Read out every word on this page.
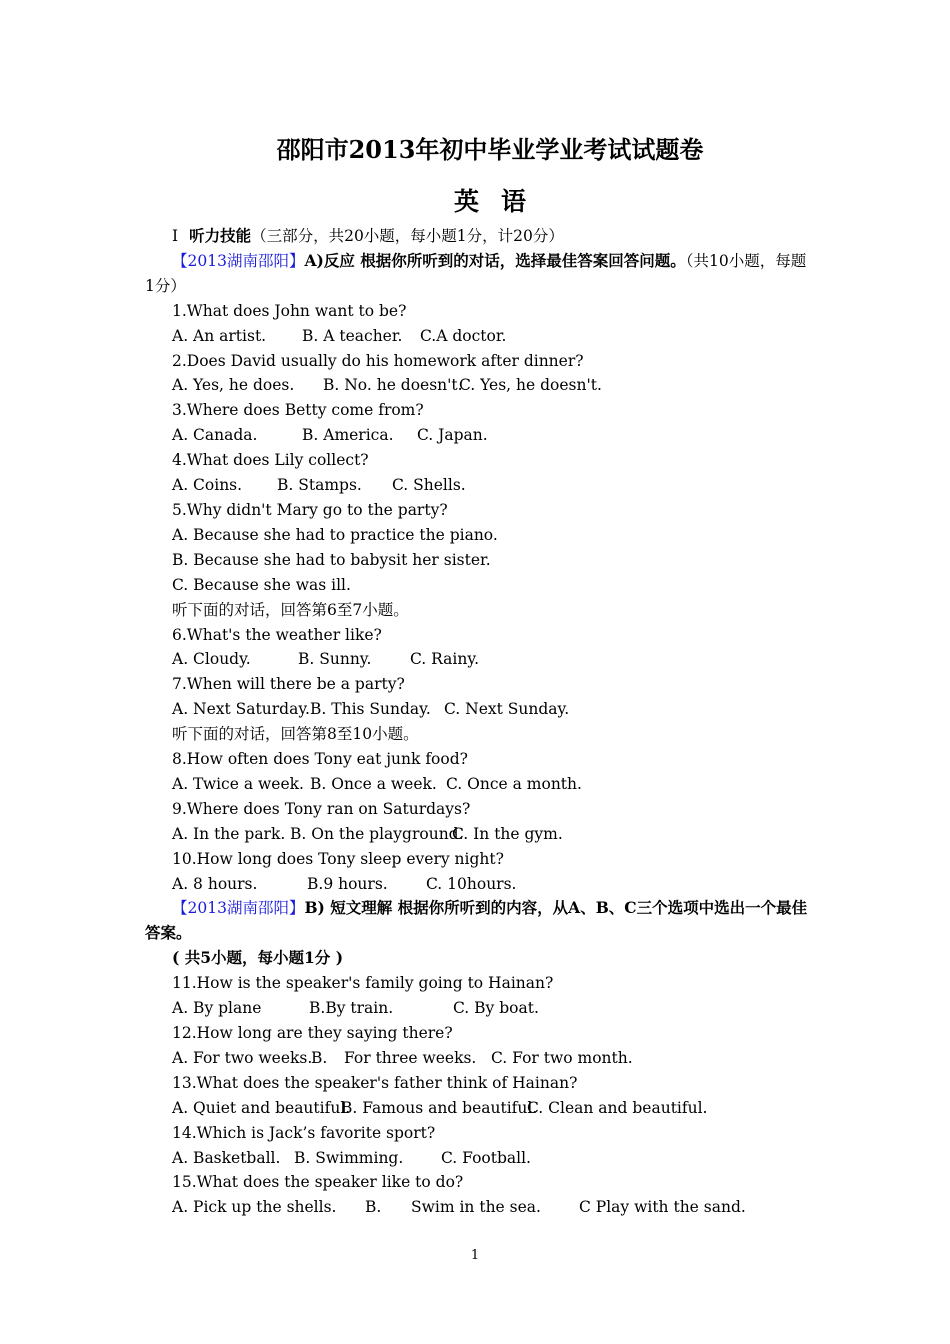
邵阳市2013年初中毕业学业考试试题卷
英 语
Ⅰ 听力技能（三部分，共20小题，每小题1分，计20分）
【2013湖南邵阳】A)反应 根据你所听到的对话，选择最佳答案回答问题。（共10小题，每题1分）
1.What does John want to be?
A. An artist. B. A teacher. C.A doctor.
2.Does David usually do his homework after dinner?
A. Yes, he does. B. No. he doesn't.C. Yes, he doesn't.
3.Where does Betty come from?
A. Canada.	B. America. C. Japan.
4.What does Lily collect?
A. Coins. B. Stamps. C. Shells.
5.Why didn't Mary go to the party?
A. Because she had to practice the piano.
B. Because she had to babysit her sister.
C. Because she was ill.
听下面的对话，回答第6至7小题。
6.What's the weather like?
A. Cloudy.	B. Sunny. C. Rainy.
7.When will there be a party?
A. Next Saturday.B. This Sunday. C. Next Sunday.
听下面的对话，回答第8至10小题。
8.How often does Tony eat junk food?
A. Twice a week. B. Once a week. C. Once a month.
9.Where does Tony ran on Saturdays?
A. In the park. B. On the playground.C. In the gym.
10.How long does Tony sleep every night?
A. 8 hours.	B.9 hours. C. 10hours.
【2013湖南邵阳】B) 短文理解 根据你所听到的内容，从A、B、C三个选项中选出一个最佳答案。
( 共5小题，每小题1分 )
11.How is the speaker's family going to Hainan?
A. By plane	B.By train.	C. By boat.
12.How long are they saying there?
A. For two weeks.B. For three weeks. C. For two month.
13.What does the speaker's father think of Hainan?
A. Quiet and beautiful.B. Famous and beautiful.C. Clean and beautiful.
14.Which is Jack’s favorite sport?
A. Basketball. B. Swimming. C. Football.
15.What does the speaker like to do?
A. Pick up the shells. B. Swim in the sea. C Play with the sand.
1
